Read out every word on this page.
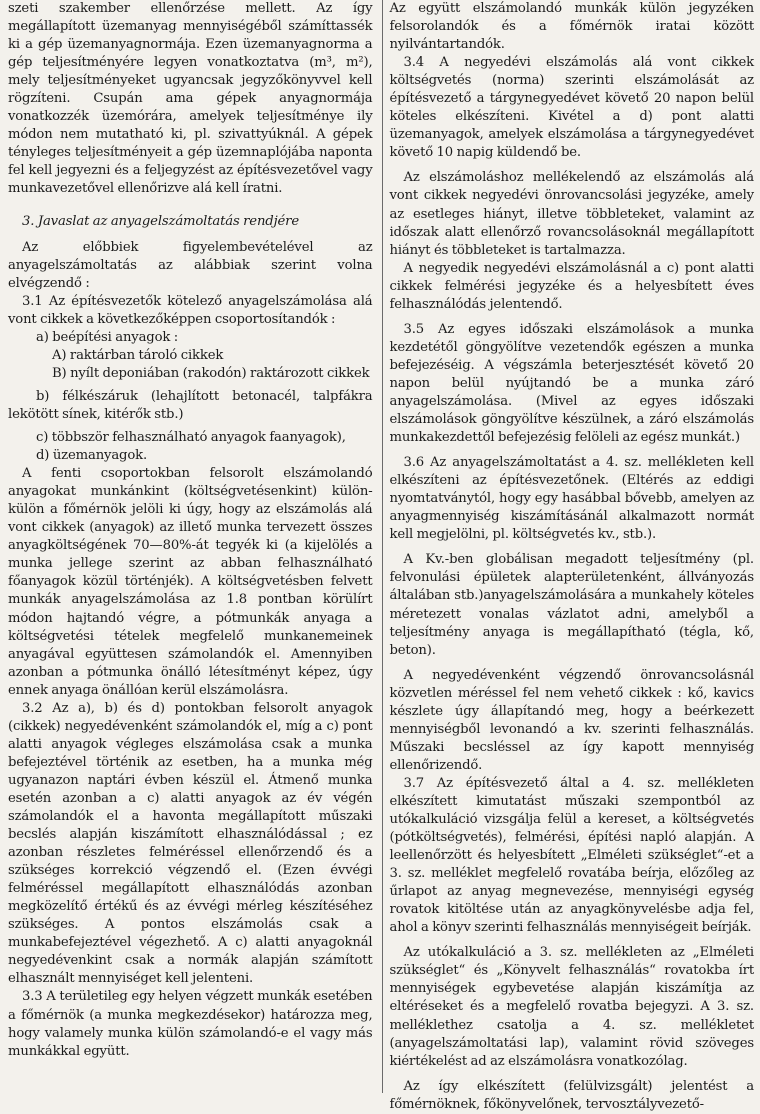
szeti szakember ellenőrzése mellett. Az így megállapított üzemanyag mennyiségéből számíttassék ki a gép üzemanyagnormája. Ezen üzemanyagnorma a gép teljesítményére legyen vonatkoztatva (m³, m²), mely teljesítményeket ugyancsak jegyzőkönyvvel kell rögzíteni. Csupán ama gépek anyagnormája vonatkozzék üzemórára, amelyek teljesítménye ily módon nem mutatható ki, pl. szivattyúknál. A gépek tényleges teljesítményeit a gép üzemnaplójába naponta fel kell jegyezni és a feljegyzést az építésvezetővel vagy munkavezetővel ellenőrizve alá kell íratni.

3. Javaslat az anyagelszámoltatás rendjére

Az előbbiek figyelembevételével az anyagelszámoltatás az alábbiak szerint volna elvégzendő :

3.1 Az építésvezetők kötelező anyagelszámolása alá vont cikkek a következőképpen csoportosítandók :

a) beépítési anyagok :

A) raktárban tároló cikkek

B) nyílt deponiában (rakodón) raktározott cikkek

b) félkészáruk (lehajlított betonacél, talpfákra lekötött sínek, kitérők stb.)

c) többször felhasználható anyagok faanyagok),

d) üzemanyagok.

A fenti csoportokban felsorolt elszámolandó anyagokat munkánkint (költségvetésenkint) külön-külön a főmérnök jelöli ki úgy, hogy az elszámolás alá vont cikkek (anyagok) az illető munka tervezett összes anyagköltségének 70—80%-át tegyék ki (a kijelölés a munka jellege szerint az abban felhasználható főanyagok közül történjék). A költségvetésben felvett munkák anyagelszámolása az 1.8 pontban körülírt módon hajtandó végre, a pótmunkák anyaga a költségvetési tételek megfelelő munkanemeinek anyagával együttesen számolandók el. Amennyiben azonban a pótmunka önálló létesítményt képez, úgy ennek anyaga önállóan kerül elszámolásra.

3.2 Az a), b) és d) pontokban felsorolt anyagok (cikkek) negyedévenként számolandók el, míg a c) pont alatti anyagok végleges elszámolása csak a munka befejeztével történik az esetben, ha a munka még ugyanazon naptári évben készül el. Átmenő munka esetén azonban a c) alatti anyagok az év végén számolandók el a havonta megállapított műszaki becslés alapján kiszámított elhasználódással ; ez azonban részletes felméréssel ellenőrzendő és a szükséges korrekció végzendő el. (Ezen évvégi felméréssel megállapított elhasználódás azonban megközelítő értékű és az évvégi mérleg készítéséhez szükséges. A pontos elszámolás csak a munkabefejeztével végezhető. A c) alatti anyagoknál negyedévenkint csak a normák alapján számított elhasznált mennyiséget kell jelenteni.

3.3 A területileg egy helyen végzett munkák esetében a főmérnök (a munka megkezdésekor) határozza meg, hogy valamely munka külön számolandó-e el vagy más munkákkal együtt.

Az együtt elszámolandó munkák külön jegyzéken felsorolandók és a főmérnök iratai között nyilvántartandók.

3.4 A negyedévi elszámolás alá vont cikkek költségvetés (norma) szerinti elszámolását az építésvezető a tárgynegyedévet követő 20 napon belül köteles elkészíteni. Kivétel a d) pont alatti üzemanyagok, amelyek elszámolása a tárgynegyedévet követő 10 napig küldendő be.

Az elszámoláshoz mellékelendő az elszámolás alá vont cikkek negyedévi önrovancsolási jegyzéke, amely az esetleges hiányt, illetve többleteket, valamint az időszak alatt ellenőrző rovancsolásoknál megállapított hiányt és többleteket is tartalmazza.

A negyedik negyedévi elszámolásnál a c) pont alatti cikkek felmérési jegyzéke és a helyesbített éves felhasználódás jelentendő.

3.5 Az egyes időszaki elszámolások a munka kezdetétől göngyölítve vezetendők egészen a munka befejezéséig. A végszámla beterjesztését követő 20 napon belül nyújtandó be a munka záró anyagelszámolása. (Mivel az egyes időszaki elszámolások göngyölítve készülnek, a záró elszámolás munkakezdettől befejezésig felöleli az egész munkát.)

3.6 Az anyagelszámoltatást a 4. sz. mellékleten kell elkészíteni az építésvezetőnek. (Eltérés az eddigi nyomtatványtól, hogy egy hasábbal bővebb, amelyen az anyagmennyiség kiszámításánál alkalmazott normát kell megjelölni, pl. költségvetés kv., stb.).

A Kv.-ben globálisan megadott teljesítmény (pl. felvonulási épületek alapterületenként, állványozás általában stb.)anyagelszámolására a munkahely köteles méretezett vonalas vázlatot adni, amelyből a teljesítmény anyaga is megállapítható (tégla, kő, beton).

A negyedévenként végzendő önrovancsolásnál közvetlen méréssel fel nem vehető cikkek : kő, kavics készlete úgy állapítandó meg, hogy a beérkezett mennyiségből levonandó a kv. szerinti felhasználás. Műszaki becsléssel az így kapott mennyiség ellenőrizendő.

3.7 Az építésvezető által a 4. sz. mellékleten elkészített kimutatást műszaki szempontból az utókalkuláció vizsgálja felül a kereset, a költségvetés (pótköltségvetés), felmérési, építési napló alapján. A leellenőrzött és helyesbített „Elméleti szükséglet“-et a 3. sz. melléklet megfelelő rovatába beírja, előzőleg az űrlapot az anyag megnevezése, mennyiségi egység rovatok kitöltése után az anyagkönyvelésbe adja fel, ahol a könyv szerinti felhasználás mennyiségeit beírják.

Az utókalkuláció a 3. sz. mellékleten az „Elméleti szükséglet“ és „Könyvelt felhasználás“ rovatokba írt mennyiségek egybevetése alapján kiszámítja az eltéréseket és a megfelelő rovatba bejegyzi. A 3. sz. melléklethez csatolja a 4. sz. mellékletet (anyagelszámoltatási lap), valamint rövid szöveges kiértékelést ad az elszámolásra vonatkozólag.

Az így elkészített (felülvizsgált) jelentést a főmérnöknek, főkönyvelőnek, tervosztályvezető-
